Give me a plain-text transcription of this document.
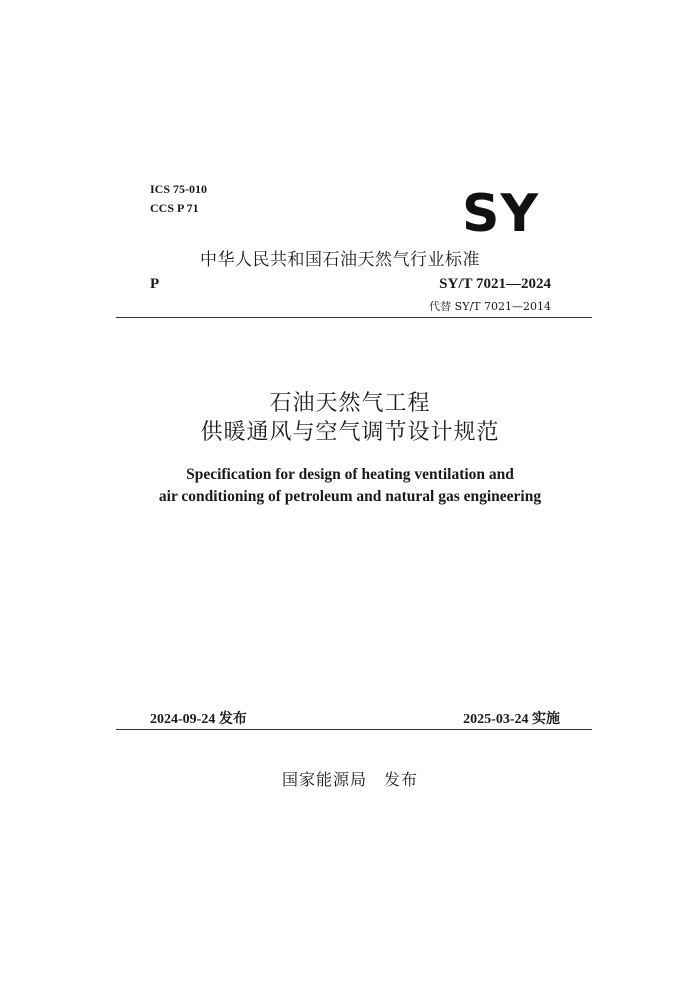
ICS 75-010
CCS P 71	SY
中华人民共和国石油天然气行业标准
P	SY/T 7021—2024
代替 SY/T 7021—2014
石油天然气工程
供暖通风与空气调节设计规范
Specification for design of heating ventilation and
air conditioning of petroleum and natural gas engineering
2024-09-24 发布	2025-03-24 实施
国家能源局　发布
